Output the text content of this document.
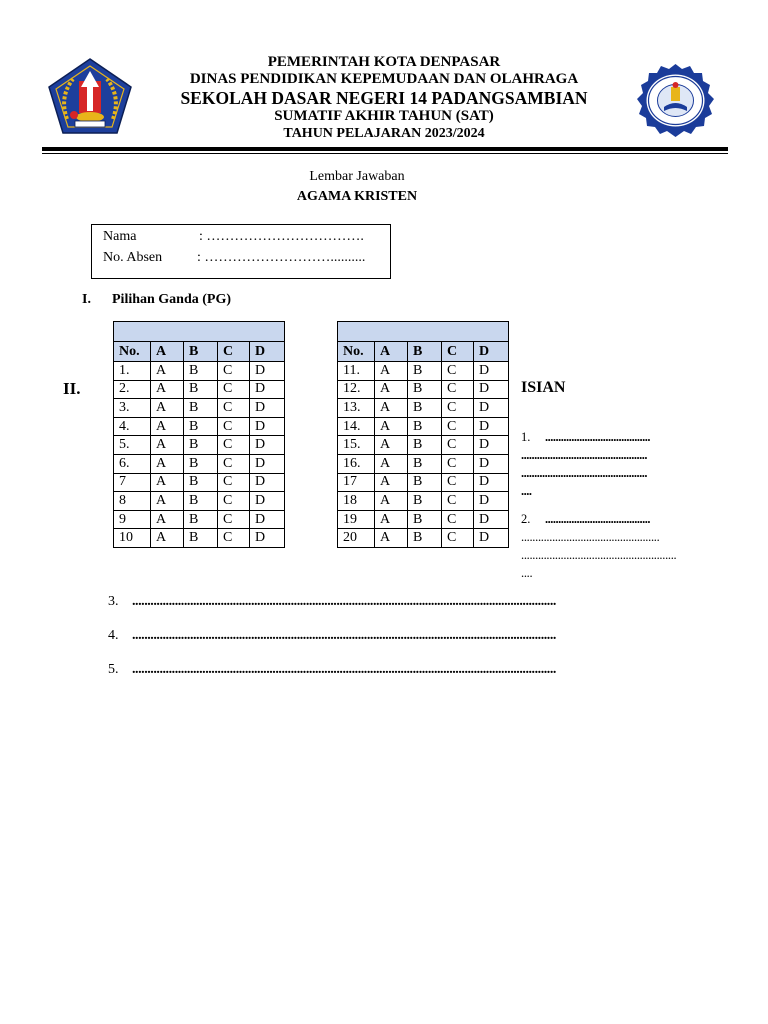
PEMERINTAH KOTA DENPASAR
DINAS PENDIDIKAN KEPEMUDAAN DAN OLAHRAGA
SEKOLAH DASAR NEGERI 14 PADANGSAMBIAN
SUMATIF AKHIR TAHUN (SAT)
TAHUN PELAJARAN 2023/2024
Lembar Jawaban
AGAMA KRISTEN
Nama	: …………………………….
No. Absen : ………………………..........
I. Pilihan Ganda (PG)
II.

No.	A	B	C	D
1.	A	B	C	D
2.	A	B	C	D
3.	A	B	C	D
4.	A	B	C	D
5.	A	B	C	D
6.	A	B	C	D
7	A	B	C	D
8	A	B	C	D
9	A	B	C	D
10	A	B	C	D

No.	A	B	C	D
11.	A	B	C	D
12.	A	B	C	D
13.	A	B	C	D
14.	A	B	C	D
15.	A	B	C	D
16.	A	B	C	D
17	A	B	C	D
18	A	B	C	D
19	A	B	C	D
20	A	B	C	D
ISIAN
1. ........................................
................................................
................................................
....
2. ........................................
.................................................
.......................................................
....
3. ...........................................................................................................................................
4. ...........................................................................................................................................
5. ...........................................................................................................................................
